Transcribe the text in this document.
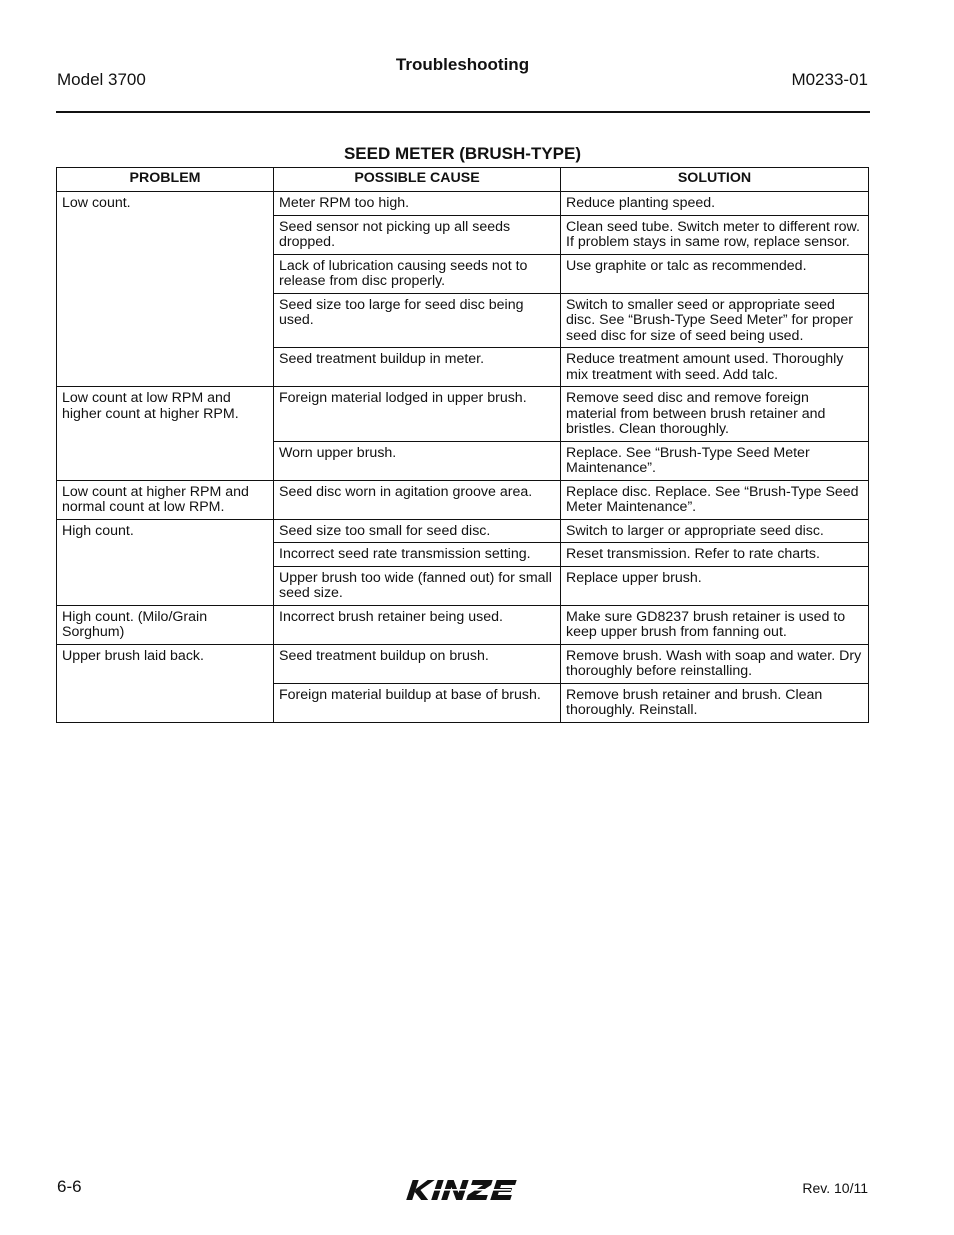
Model 3700
Troubleshooting
M0233-01
SEED METER (BRUSH-TYPE)
PROBLEM	POSSIBLE CAUSE	SOLUTION
Low count.	Meter RPM too high.	Reduce planting speed.
	Seed sensor not picking up all seeds dropped.	Clean seed tube. Switch meter to different row. If problem stays in same row, replace sensor.
	Lack of lubrication causing seeds not to release from disc properly.	Use graphite or talc as recommended.
	Seed size too large for seed disc being used.	Switch to smaller seed or appropriate seed disc. See “Brush-Type Seed Meter” for proper seed disc for size of seed being used.
	Seed treatment buildup in meter.	Reduce treatment amount used. Thoroughly mix treatment with seed. Add talc.
Low count at low RPM and higher count at higher RPM.	Foreign material lodged in upper brush.	Remove seed disc and remove foreign material from between brush retainer and bristles. Clean thoroughly.
	Worn upper brush.	Replace. See “Brush-Type Seed Meter Maintenance”.
Low count at higher RPM and normal count at low RPM.	Seed disc worn in agitation groove area.	Replace disc. Replace. See “Brush-Type Seed Meter Maintenance”.
High count.	Seed size too small for seed disc.	Switch to larger or appropriate seed disc.
	Incorrect seed rate transmission setting.	Reset transmission. Refer to rate charts.
	Upper brush too wide (fanned out) for small seed size.	Replace upper brush.
High count. (Milo/Grain Sorghum)	Incorrect brush retainer being used.	Make sure GD8237 brush retainer is used to keep upper brush from fanning out.
Upper brush laid back.	Seed treatment buildup on brush.	Remove brush. Wash with soap and water. Dry thoroughly before reinstalling.
	Foreign material buildup at base of brush.	Remove brush retainer and brush. Clean thoroughly. Reinstall.
6-6	Rev. 10/11
